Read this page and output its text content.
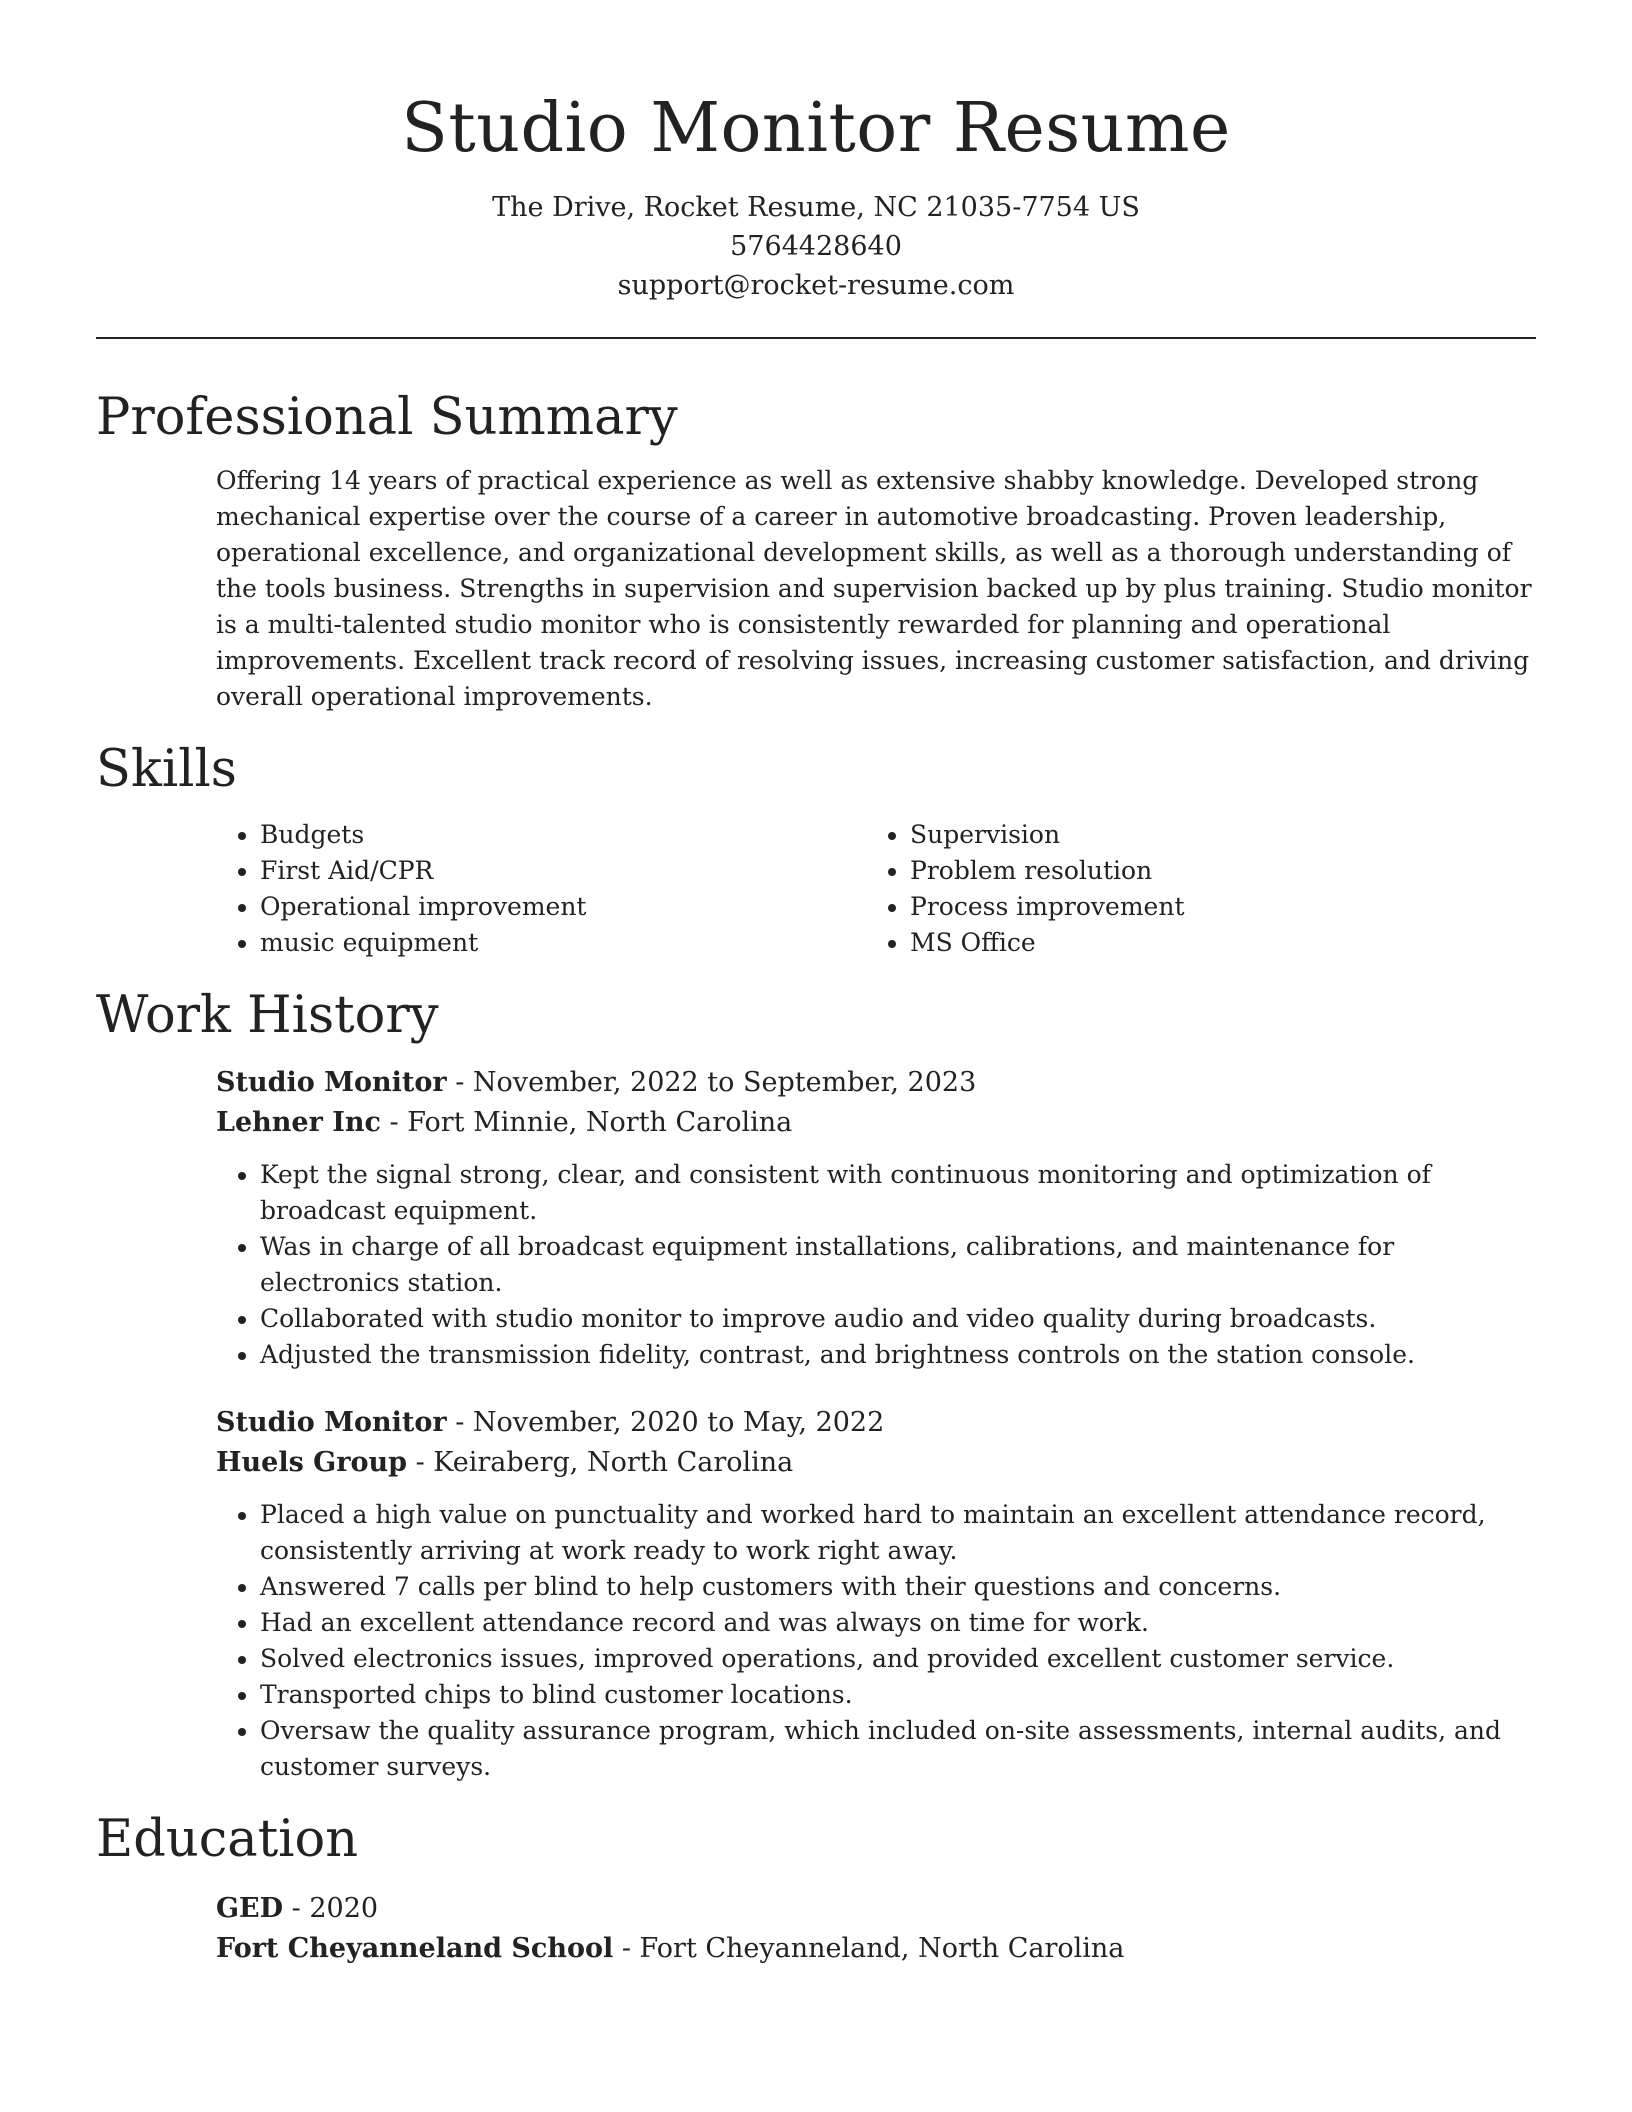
Studio Monitor Resume
The Drive, Rocket Resume, NC 21035-7754 US
5764428640
support@rocket-resume.com
Professional Summary

Offering 14 years of practical experience as well as extensive shabby knowledge. Developed strong mechanical expertise over the course of a career in automotive broadcasting. Proven leadership, operational excellence, and organizational development skills, as well as a thorough understanding of the tools business. Strengths in supervision and supervision backed up by plus training. Studio monitor is a multi-talented studio monitor who is consistently rewarded for planning and operational improvements. Excellent track record of resolving issues, increasing customer satisfaction, and driving overall operational improvements.

Skills
• Budgets
• First Aid/CPR
• Operational improvement
• music equipment
• Supervision
• Problem resolution
• Process improvement
• MS Office
Work History
Studio Monitor - November, 2022 to September, 2023
Lehner Inc - Fort Minnie, North Carolina
• Kept the signal strong, clear, and consistent with continuous monitoring and optimization of broadcast equipment.
• Was in charge of all broadcast equipment installations, calibrations, and maintenance for electronics station.
• Collaborated with studio monitor to improve audio and video quality during broadcasts.
• Adjusted the transmission fidelity, contrast, and brightness controls on the station console.
Studio Monitor - November, 2020 to May, 2022
Huels Group - Keiraberg, North Carolina
• Placed a high value on punctuality and worked hard to maintain an excellent attendance record, consistently arriving at work ready to work right away.
• Answered 7 calls per blind to help customers with their questions and concerns.
• Had an excellent attendance record and was always on time for work.
• Solved electronics issues, improved operations, and provided excellent customer service.
• Transported chips to blind customer locations.
• Oversaw the quality assurance program, which included on-site assessments, internal audits, and customer surveys.
Education
GED - 2020
Fort Cheyanneland School - Fort Cheyanneland, North Carolina
